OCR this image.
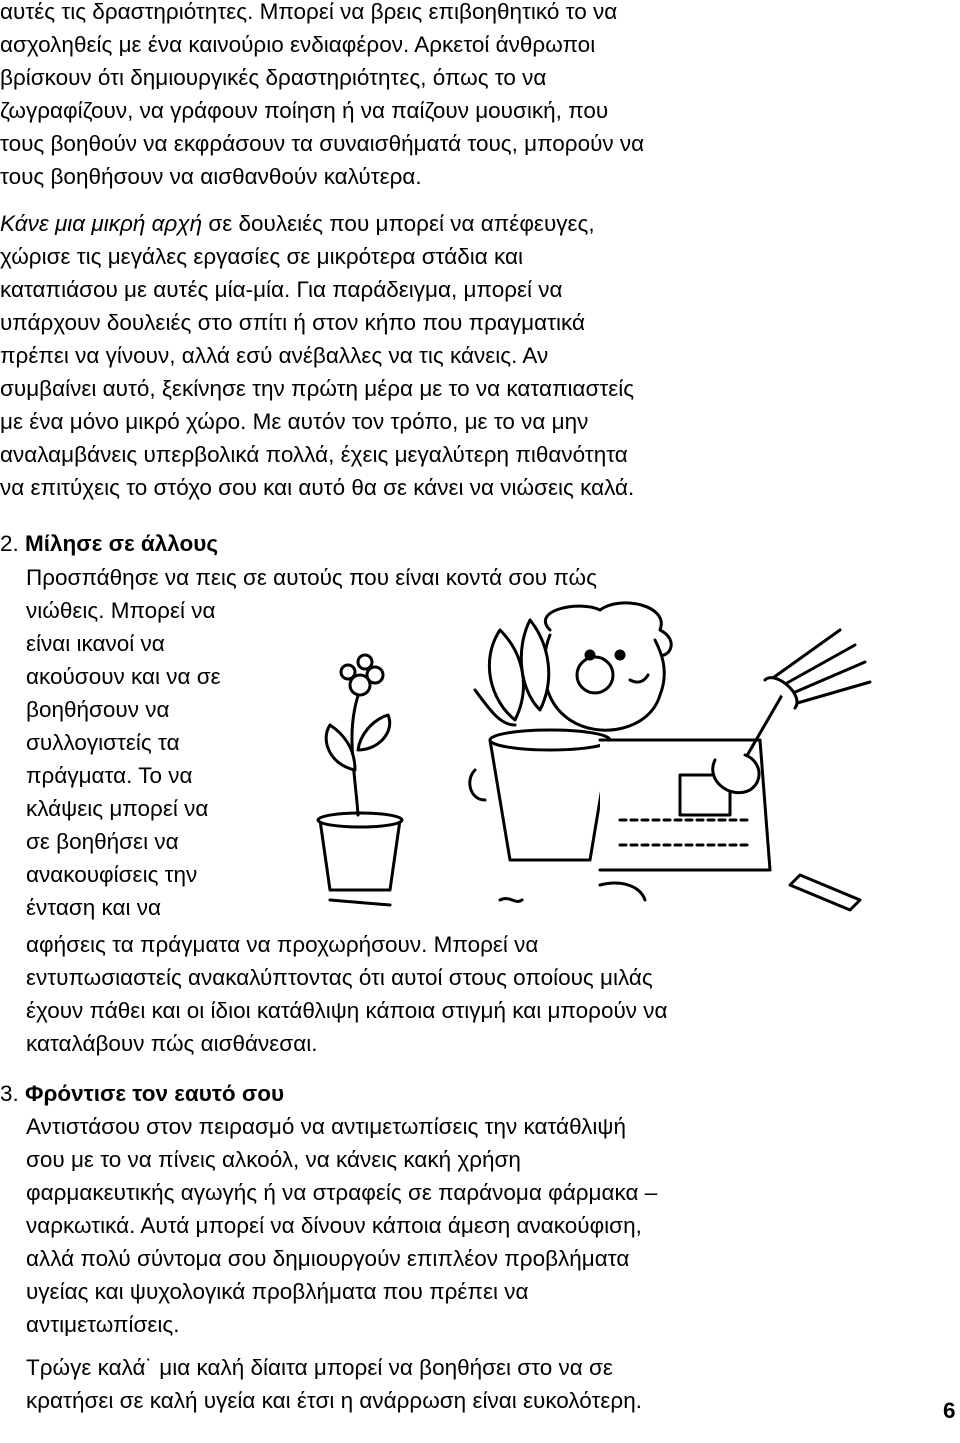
αυτές τις δραστηριότητες. Μπορεί να βρεις επιβοηθητικό το να
ασχοληθείς με ένα καινούριο ενδιαφέρον. Αρκετοί άνθρωποι
βρίσκουν ότι δημιουργικές δραστηριότητες, όπως το να
ζωγραφίζουν, να γράφουν ποίηση ή να παίζουν μουσική, που
τους βοηθούν να εκφράσουν τα συναισθήματά τους, μπορούν να
τους βοηθήσουν να αισθανθούν καλύτερα.
Κάνε μια μικρή αρχή σε δουλειές που μπορεί να απέφευγες,
χώρισε τις μεγάλες εργασίες σε μικρότερα στάδια και
καταπιάσου με αυτές μία-μία. Για παράδειγμα, μπορεί να
υπάρχουν δουλειές στο σπίτι ή στον κήπο που πραγματικά
πρέπει να γίνουν, αλλά εσύ ανέβαλλες να τις κάνεις. Αν
συμβαίνει αυτό, ξεκίνησε την πρώτη μέρα με το να καταπιαστείς
με ένα μόνο μικρό χώρο. Με αυτόν τον τρόπο, με το να μην
αναλαμβάνεις υπερβολικά πολλά, έχεις μεγαλύτερη πιθανότητα
να επιτύχεις το στόχο σου και αυτό θα σε κάνει να νιώσεις καλά.
2. Μίλησε σε άλλους
Προσπάθησε να πεις σε αυτούς που είναι κοντά σου πώς
νιώθεις. Μπορεί να
είναι ικανοί να
ακούσουν και να σε
βοηθήσουν να
συλλογιστείς τα
πράγματα. Το να
κλάψεις μπορεί να
σε βοηθήσει να
ανακουφίσεις την
ένταση και να
αφήσεις τα πράγματα να προχωρήσουν. Μπορεί να
εντυπωσιαστείς ανακαλύπτοντας ότι αυτοί στους οποίους μιλάς
έχουν πάθει και οι ίδιοι κατάθλιψη κάποια στιγμή και μπορούν να
καταλάβουν πώς αισθάνεσαι.
3. Φρόντισε τον εαυτό σου
Αντιστάσου στον πειρασμό να αντιμετωπίσεις την κατάθλιψή
σου με το να πίνεις αλκοόλ, να κάνεις κακή χρήση
φαρμακευτικής αγωγής ή να στραφείς σε παράνομα φάρμακα –
ναρκωτικά. Αυτά μπορεί να δίνουν κάποια άμεση ανακούφιση,
αλλά πολύ σύντομα σου δημιουργούν επιπλέον προβλήματα
υγείας και ψυχολογικά προβλήματα που πρέπει να
αντιμετωπίσεις.
Τρώγε καλά˙ μια καλή δίαιτα μπορεί να βοηθήσει στο να σε
κρατήσει σε καλή υγεία και έτσι η ανάρρωση είναι ευκολότερη.	6
